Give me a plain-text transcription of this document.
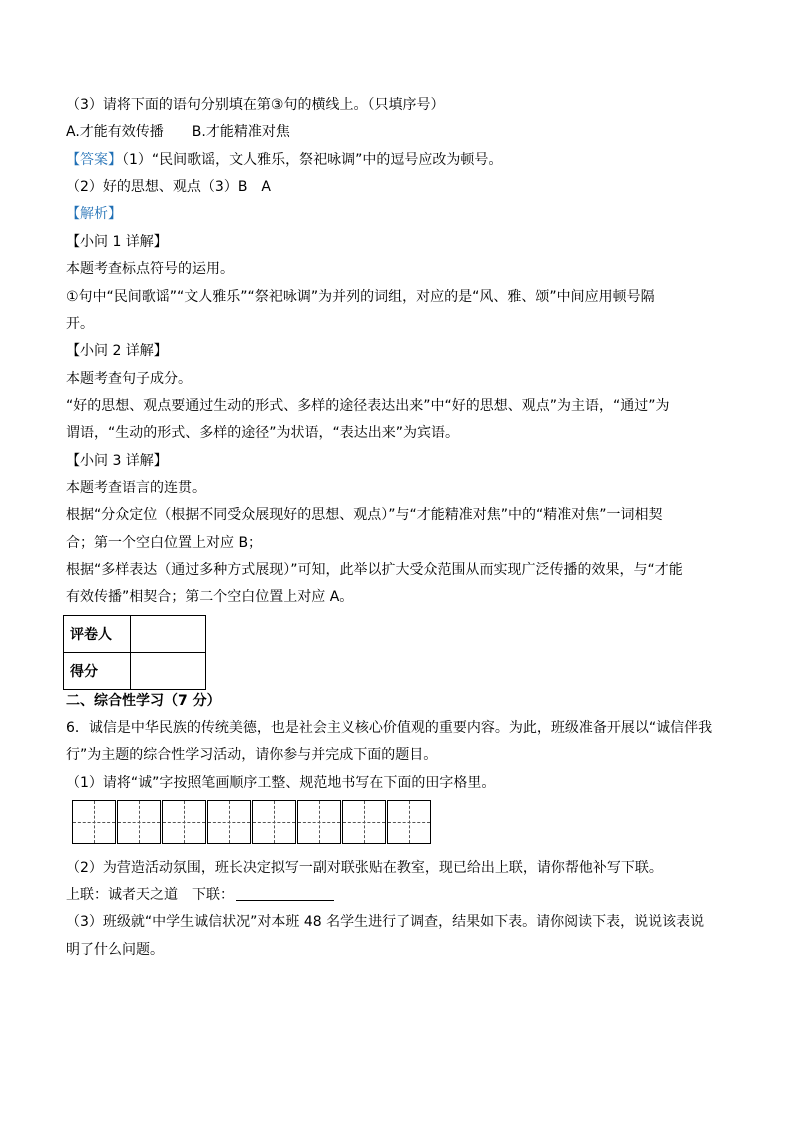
（3）请将下面的语句分别填在第③句的横线上。（只填序号）
A.才能有效传播　　B.才能精准对焦
【答案】（1）“民间歌谣，文人雅乐，祭祀咏调”中的逗号应改为顿号。
（2）好的思想、观点（3）B　A
【解析】
【小问 1 详解】
本题考查标点符号的运用。
①句中“民间歌谣”“文人雅乐”“祭祀咏调”为并列的词组，对应的是“风、雅、颂”中间应用顿号隔
开。
【小问 2 详解】
本题考查句子成分。
“好的思想、观点要通过生动的形式、多样的途径表达出来”中“好的思想、观点”为主语，“通过”为
谓语，“生动的形式、多样的途径”为状语，“表达出来”为宾语。
【小问 3 详解】
本题考查语言的连贯。
根据“分众定位（根据不同受众展现好的思想、观点）”与“才能精准对焦”中的“精准对焦”一词相契
合；第一个空白位置上对应 B；
根据“多样表达（通过多种方式展现）”可知，此举以扩大受众范围从而实现广泛传播的效果，与“才能
有效传播”相契合；第二个空白位置上对应 A。
评卷人	
得分	
二、综合性学习（7 分）
6．诚信是中华民族的传统美德，也是社会主义核心价值观的重要内容。为此，班级准备开展以“诚信伴我
行”为主题的综合性学习活动，请你参与并完成下面的题目。
（1）请将“诚”字按照笔画顺序工整、规范地书写在下面的田字格里。
（2）为营造活动氛围，班长决定拟写一副对联张贴在教室，现已给出上联，请你帮他补写下联。
上联：诚者天之道　下联：
（3）班级就“中学生诚信状况”对本班 48 名学生进行了调查，结果如下表。请你阅读下表，说说该表说
明了什么问题。
